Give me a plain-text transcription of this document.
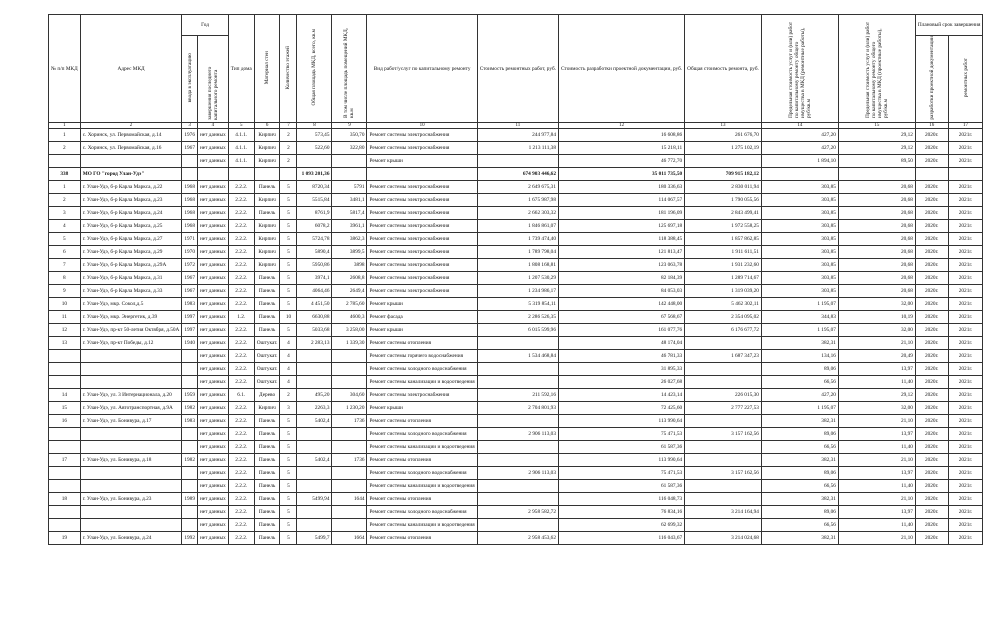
№ п/п МКД	Адрес МКД	Год		Тип дома	Материал стен	Количество этажей	Общая площадь МКД, всего, кв.м	В том числе площадь помещений МКД, кв.м	Вид работ/услуг по капитальному ремонту	Стоимость ремонтных работ, руб.	Стоимость разработки проектной документации, руб.	Общая стоимость ремонта, руб.	Предельная стоимость услуг и (или) работ по капитальному ремонту общего имущества в МКД (ремонтные работы), руб/кв.м	Предельная стоимость услуг и (или) работ по капитальному ремонту общего имущества в МКД (проектные работы), руб/кв.м	Плановый срок завершения	
		ввода в эксплуатацию	завершения последнего капитального ремонта												разработки проектной документации	ремонтных работ
1	2	3	4	5	6	7	8	9	10	11	12	13	14	15	16	17
1	с. Хоринск, ул. Первомайская, д.14	1976	нет данных	4.1.1.	Кирпич	2	573,45	350,70	Ремонт системы электроснабжения	244 977,84	16 608,86	261 676,70	427,20	29,12	2020г.	2021г.
2	с. Хоринск, ул. Первомайская, д.16	1967	нет данных	4.1.1.	Кирпич	2	522,60	322,80	Ремонт системы электроснабжения	1 213 111,38	15 218,11	1 275 102,19	427,20	29,12	2020г.	2021г.
			нет данных	4.1.1.	Кирпич	2			Ремонт крыши		46 772,70		1 894,10	89,50	2020г.	2021г.
338	МО ГО "город Улан-Удэ"						1 093 201,36			674 903 446,62	35 011 735,50	709 915 182,12				
1	г. Улан-Удэ, б-р Карла Маркса, д.22	1968	нет данных	2.2.2.	Панель	5	8720,34	5791	Ремонт системы электроснабжения	2 649 675,31	180 336,63	2 830 011,94	303,85	20,68	2020г.	2021г.
2	г. Улан-Удэ, б-р Карла Маркса, д.23	1968	нет данных	2.2.2.	Кирпич	5	5515,84	3481,1	Ремонт системы электроснабжения	1 675 987,98	114 067,57	1 790 055,56	303,85	20,68	2020г.	2021г.
3	г. Улан-Удэ, б-р Карла Маркса, д.24	1968	нет данных	2.2.2.	Панель	5	8761,9	5817,4	Ремонт системы электроснабжения	2 662 303,32	181 196,09	2 843 499,41	303,85	20,68	2020г.	2021г.
4	г. Улан-Удэ, б-р Карла Маркса, д.25	1968	нет данных	2.2.2.	Кирпич	5	6078,2	3961,1	Ремонт системы электроснабжения	1 846 861,07	125 697,18	1 972 558,25	303,85	20,68	2020г.	2021г.
5	г. Улан-Удэ, б-р Карла Маркса, д.27	1971	нет данных	2.2.2.	Кирпич	5	5724,78	3862,3	Ремонт системы электроснабжения	1 739 474,40	118 388,45	1 857 862,85	303,85	20,68	2020г.	2021г.
6	г. Улан-Удэ, б-р Карла Маркса, д.29	1970	нет данных	2.2.2.	Кирпич	5	5890,4	3899,5	Ремонт системы электроснабжения	1 789 798,04	121 813,47	1 911 611,51	303,85	20,68	2020г.	2021г.
7	г. Улан-Удэ, б-р Карла Маркса, д.29А	1972	нет данных	2.2.2.	Кирпич	5	5950,86	3898	Ремонт системы электроснабжения	1 808 168,81	123 063,78	1 931 232,60	303,85	20,68	2020г.	2021г.
8	г. Улан-Удэ, б-р Карла Маркса, д.31	1967	нет данных	2.2.2.	Панель	5	3974,1	2608,8	Ремонт системы электроснабжения	1 207 530,29	82 184,39	1 289 714,67	303,85	20,68	2020г.	2021г.
9	г. Улан-Удэ, б-р Карла Маркса, д.33	1967	нет данных	2.2.2.	Панель	5	4064,46	2649,4	Ремонт системы электроснабжения	1 234 986,17	84 053,03	1 319 039,20	303,85	20,68	2020г.	2021г.
10	г. Улан-Удэ, мкр. Сокол,д.5	1983	нет данных	2.2.2.	Панель	5	4 451,50	2 785,60	Ремонт крыши	5 319 854,11	142 448,00	5 462 302,11	1 195,07	32,00	2020г.	2021г.
11	г. Улан-Удэ, мкр. Энергетик, д.39	1997	нет данных	1.2.	Панель	10	6630,88	4600,3	Ремонт фасада	2 286 526,35	67 568,67	2 354 095,02	344,83	10,19	2020г.	2021г.
12	г. Улан-Удэ, пр-кт 50-летия Октября, д.50А	1997	нет данных	2.2.2.	Панель	5	5033,68	3 258,00	Ремонт крыши	6 015 599,96	161 077,76	6 176 677,72	1 195,07	32,00	2020г.	2021г.
13	г. Улан-Удэ, пр-кт Победы, д.12	1940	нет данных	2.2.2.	Оштукат.	4	2 283,13	1 339,30	Ремонт системы отопления		48 174,04		382,31	21,10	2020г.	2021г.
			нет данных	2.2.2.	Оштукат.	4			Ремонт системы горячего водоснабжения	1 534 468,84	46 781,33	1 687 347,23	134,16	20,49	2020г.	2021г.
			нет данных	2.2.2.	Оштукат.	4			Ремонт системы холодного водоснабжения		31 895,33		89,06	13,97	2020г.	2021г.
			нет данных	2.2.2.	Оштукат.	4			Ремонт системы канализации и водоотведения		26 027,68		66,56	11,40	2020г.	2021г.
14	г. Улан-Удэ, ул. 3 Интернационала, д.20	1959	нет данных	6.1.	Дерево	2	495,20	304,60	Ремонт системы электроснабжения	211 592,16	14 423,14	226 015,30	427,20	29,12	2020г.	2021г.
15	г. Улан-Удэ, ул. Автотранспортная, д.9А	1982	нет данных	2.2.2.	Кирпич	3	2263,3	1 230,20	Ремонт крыши	2 704 801,93	72 425,60	2 777 227,53	1 195,07	32,00	2020г.	2021г.
16	г. Улан-Удэ, ул. Бонивура, д.17	1983	нет данных	2.2.2.	Панель	5	5402,4	1736	Ремонт системы отопления		113 990,64		382,31	21,10	2020г.	2021г.
			нет данных	2.2.2.	Панель	5			Ремонт системы холодного водоснабжения	2 906 113,03	75 471,53	3 157 162,56	89,06	13,97	2020г.	2021г.
			нет данных	2.2.2.	Панель	5			Ремонт системы канализации и водоотведения		61 587,36		66,56	11,40	2020г.	2021г.
17	г. Улан-Удэ, ул. Бонивура, д.18	1982	нет данных	2.2.2.	Панель	5	5402,4	1736	Ремонт системы отопления		113 990,64		382,31	21,10	2020г.	2021г.
			нет данных	2.2.2.	Панель	5			Ремонт системы холодного водоснабжения	2 906 113,03	75 471,53	3 157 162,56	89,06	13,97	2020г.	2021г.
			нет данных	2.2.2.	Панель	5			Ремонт системы канализации и водоотведения		61 587,36		66,56	11,40	2020г.	2021г.
18	г. Улан-Удэ, ул. Бонивура, д.23	1989	нет данных	2.2.2.	Панель	5	5499,94	1644	Ремонт системы отопления		116 048,73		382,31	21,10	2020г.	2021г.
			нет данных	2.2.2.	Панель	5			Ремонт системы холодного водоснабжения	2 958 582,72	76 834,16	3 214 164,94	89,06	13,97	2020г.	2021г.
			нет данных	2.2.2.	Панель	5			Ремонт системы канализации и водоотведения		62 699,32		66,56	11,40	2020г.	2021г.
19	г. Улан-Удэ, ул. Бонивура, д.24	1992	нет данных	2.2.2.	Панель	5	5499,7	1664	Ремонт системы отопления	2 958 453,62	116 043,67	3 214 024,68	382,31	21,10	2020г.	2021г.
